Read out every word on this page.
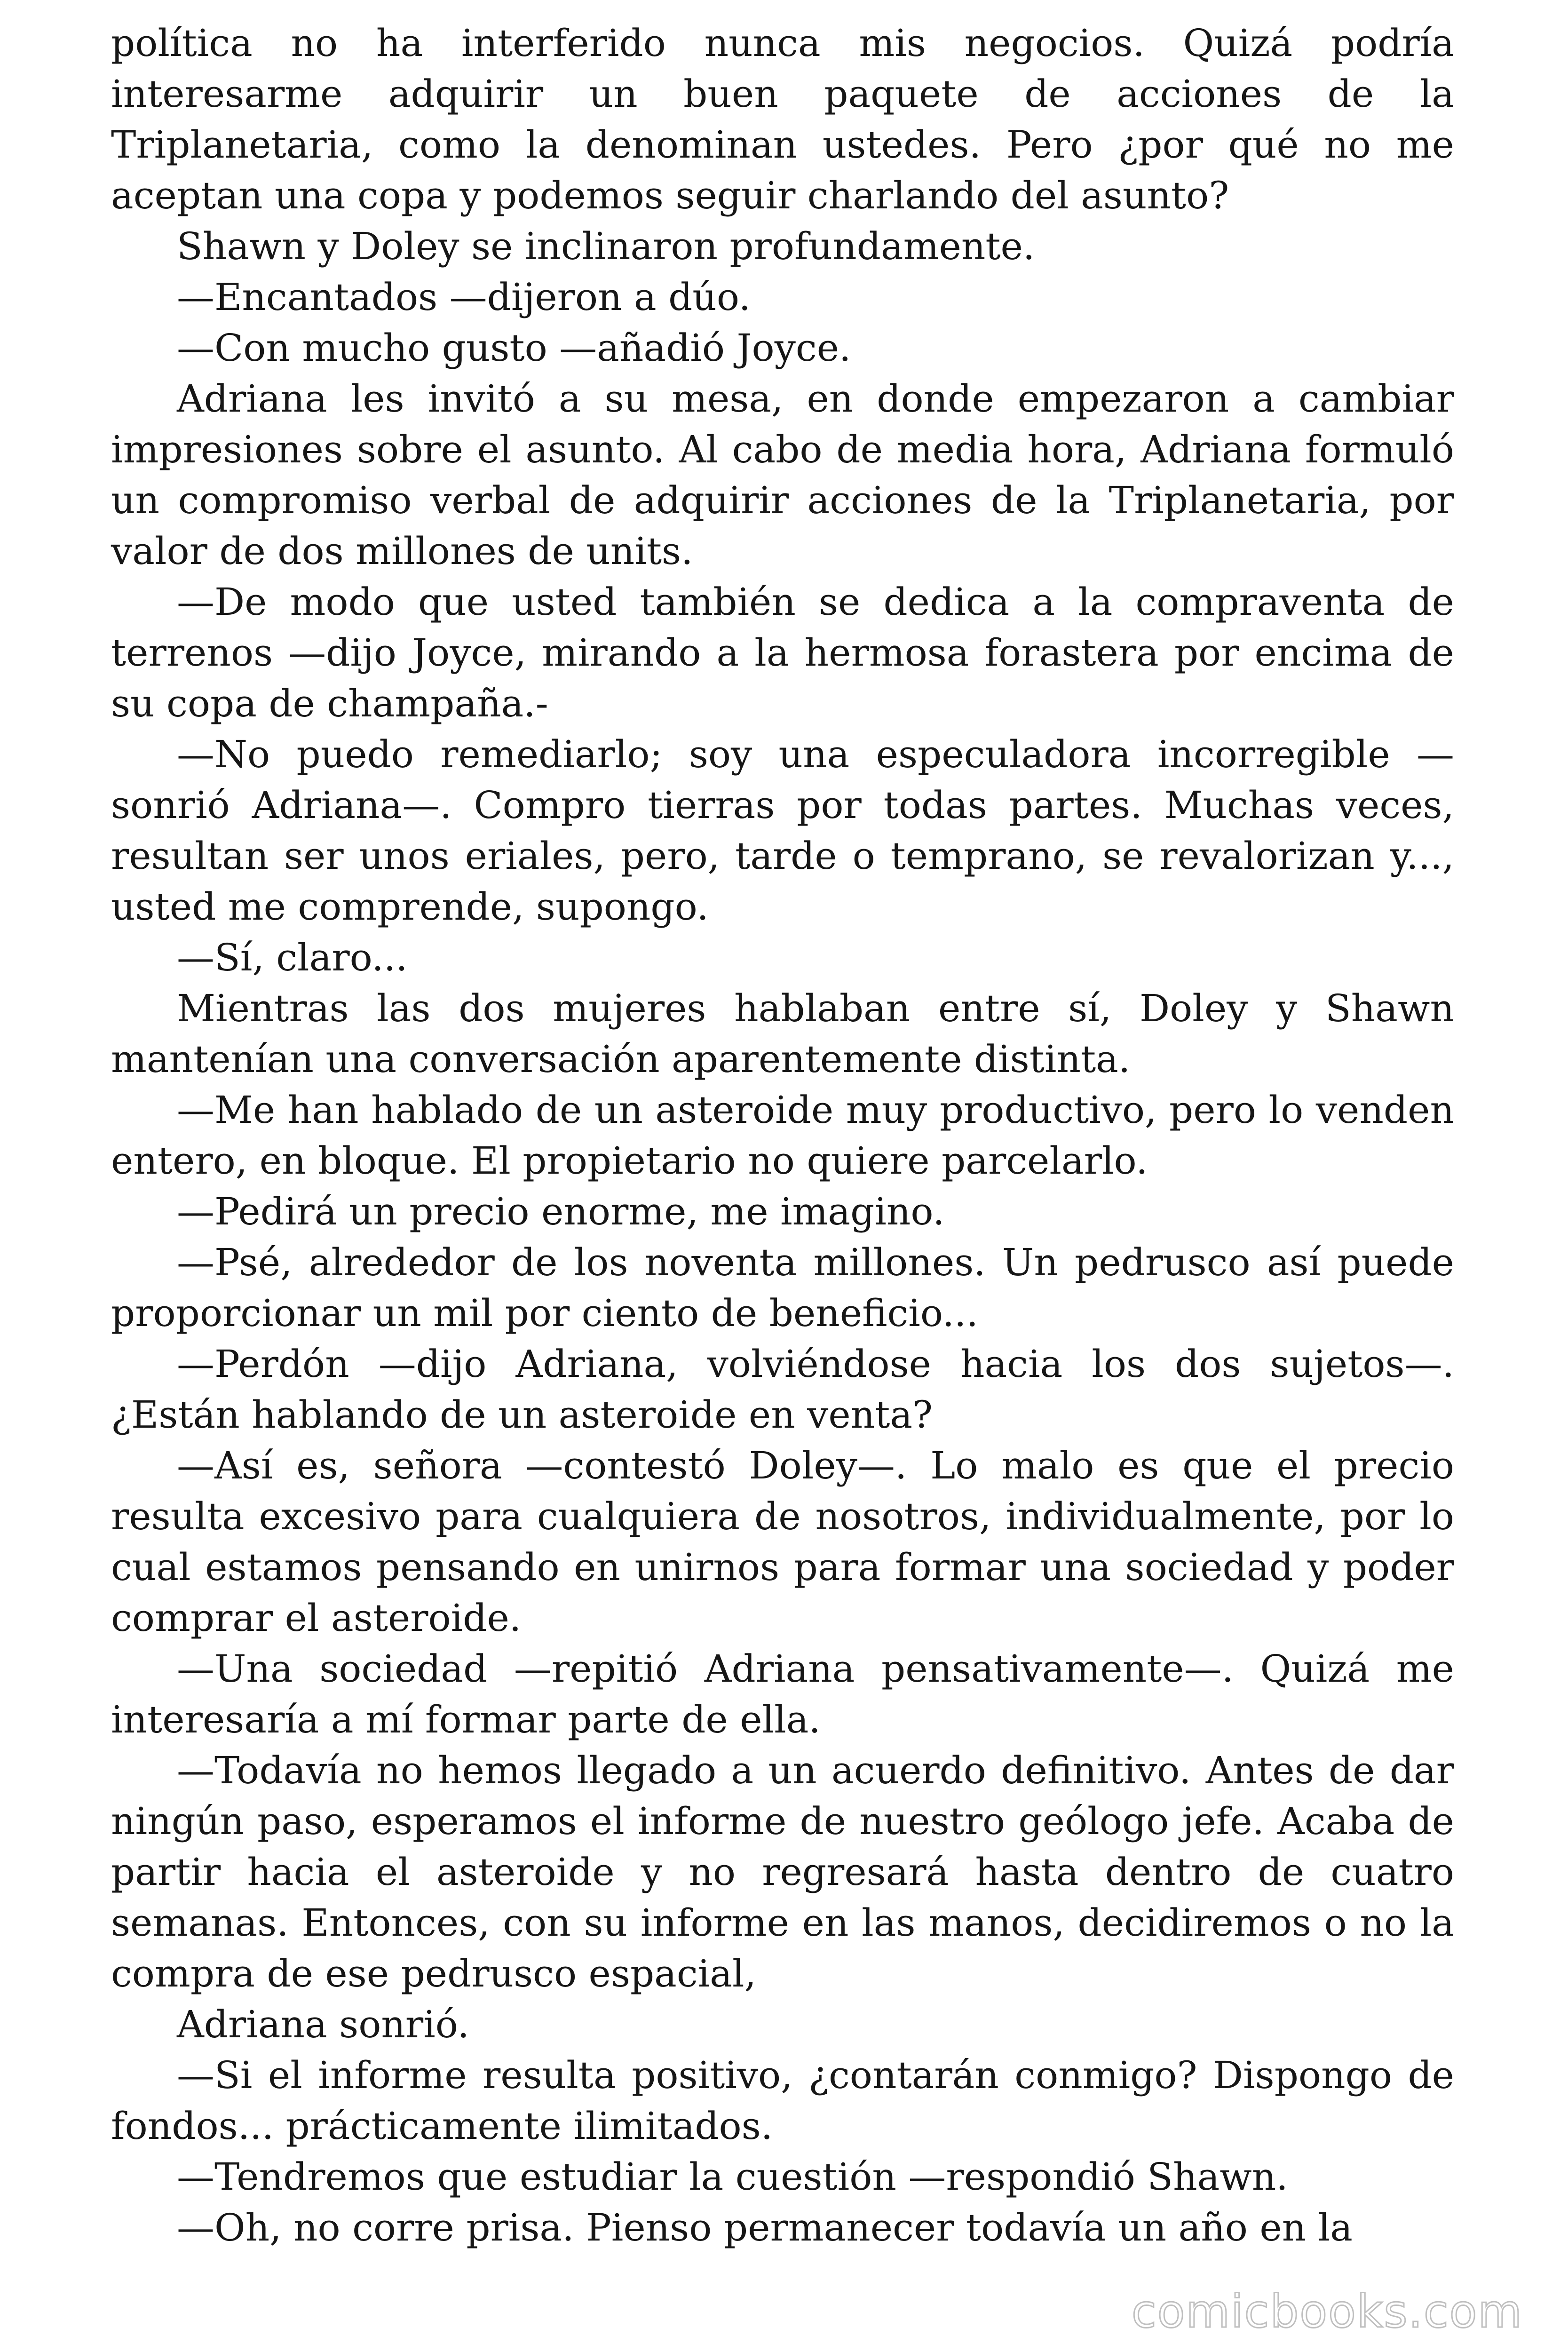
política no ha interferido nunca mis negocios. Quizá podría interesarme adquirir un buen paquete de acciones de la Triplanetaria, como la denominan ustedes. Pero ¿por qué no me aceptan una copa y podemos seguir charlando del asunto?

Shawn y Doley se inclinaron profundamente.

—Encantados —dijeron a dúo.

—Con mucho gusto —añadió Joyce.

Adriana les invitó a su mesa, en donde empezaron a cambiar impresiones sobre el asunto. Al cabo de media hora, Adriana formuló un compromiso verbal de adquirir acciones de la Triplanetaria, por valor de dos millones de units.

—De modo que usted también se dedica a la compraventa de terrenos —dijo Joyce, mirando a la hermosa forastera por encima de su copa de champaña.-

—No puedo remediarlo; soy una especuladora incorregible —sonrió Adriana—. Compro tierras por todas partes. Muchas veces, resultan ser unos eriales, pero, tarde o temprano, se revalorizan y..., usted me comprende, supongo.

—Sí, claro...

Mientras las dos mujeres hablaban entre sí, Doley y Shawn mantenían una conversación aparentemente distinta.

—Me han hablado de un asteroide muy productivo, pero lo venden entero, en bloque. El propietario no quiere parcelarlo.

—Pedirá un precio enorme, me imagino.

—Psé, alrededor de los noventa millones. Un pedrusco así puede proporcionar un mil por ciento de beneficio...

—Perdón —dijo Adriana, volviéndose hacia los dos sujetos—. ¿Están hablando de un asteroide en venta?

—Así es, señora —contestó Doley—. Lo malo es que el precio resulta excesivo para cualquiera de nosotros, individualmente, por lo cual estamos pensando en unirnos para formar una sociedad y poder comprar el asteroide.

—Una sociedad —repitió Adriana pensativamente—. Quizá me interesaría a mí formar parte de ella.

—Todavía no hemos llegado a un acuerdo definitivo. Antes de dar ningún paso, esperamos el informe de nuestro geólogo jefe. Acaba de partir hacia el asteroide y no regresará hasta dentro de cuatro semanas. Entonces, con su informe en las manos, decidiremos o no la compra de ese pedrusco espacial,

Adriana sonrió.

—Si el informe resulta positivo, ¿contarán conmigo? Dispongo de fondos... prácticamente ilimitados.

—Tendremos que estudiar la cuestión —respondió Shawn.

—Oh, no corre prisa. Pienso permanecer todavía un año en la

comicbooks.com
